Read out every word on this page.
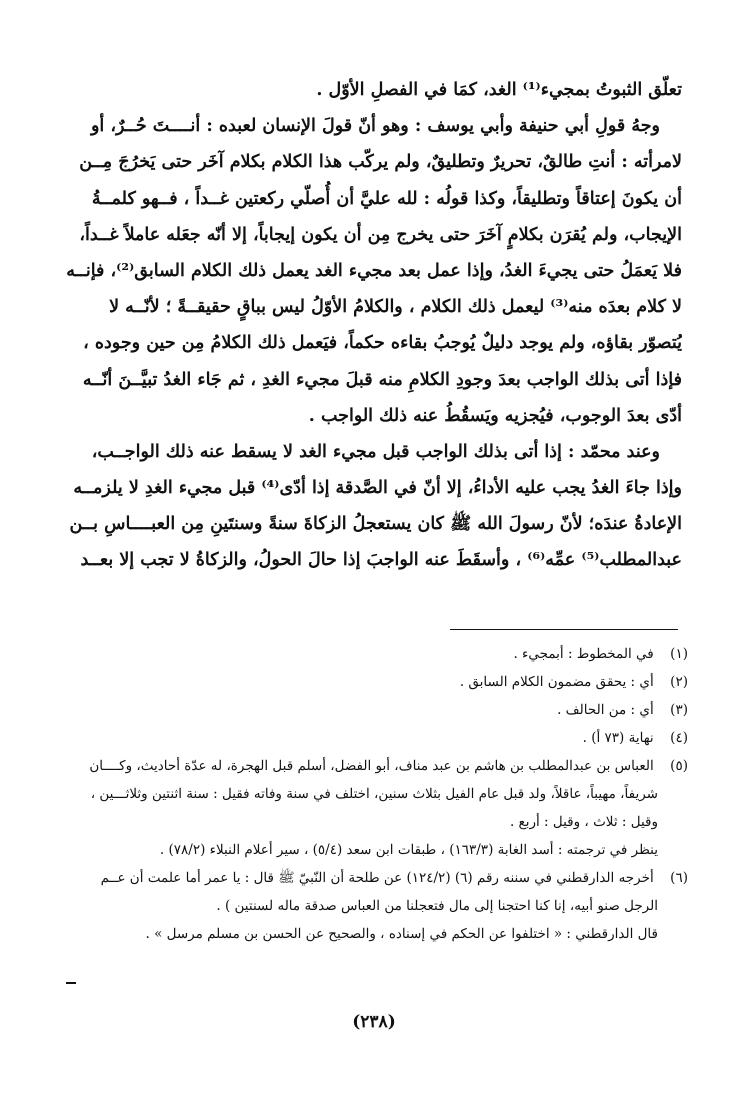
تعلّق الثبوتُ بمجيء⁽¹⁾ الغد، كمَا في الفصلِ الأوّل .
وجهُ قولِ أبي حنيفة وأبي يوسف : وهو أنّ قولَ الإنسان لعبده : أنــــتَ حُــرٌ، أو
لامرأته : أنتِ طالقٌ، تحريرٌ وتطليقٌ، ولم يركّب هذا الكلام بكلام آخَر حتى يَخرُجَ مِــن
أن يكونَ إعتاقاً وتطليقاً، وكذا قولُه : لله عليَّ أن أُصلّي ركعتين غــداً ، فــهو كلمــةُ
الإيجاب، ولم يُقرَن بكلامٍ آخَرَ حتى يخرج مِن أن يكون إيجاباً، إلا أنّه جعَله عاملاً غــداً،
فلا يَعمَلُ حتى يجيءَ الغدُ، وإذا عمل بعد مجيء الغد يعمل ذلك الكلام السابق⁽²⁾، فإنــه
لا كلام بعدَه منه⁽³⁾ ليعمل ذلك الكلام ، والكلامُ الأوّلُ ليس بباقٍ حقيقــةً ؛ لأنّــه لا
يُتصوّر بقاؤه، ولم يوجد دليلٌ يُوجبُ بقاءه حكماً، فيَعمل ذلك الكلامُ مِن حين وجوده ،
فإذا أتى بذلك الواجب بعدَ وجودِ الكلامِ منه قبلَ مجيء الغدِ ، ثم جَاء الغدُ تبيَّــنَ أنّــه
أدّى بعدَ الوجوب، فيُجزيه ويَسقُطُ عنه ذلك الواجب .
وعند محمّد : إذا أتى بذلك الواجب قبل مجيء الغد لا يسقط عنه ذلك الواجــب،
وإذا جاءَ الغدُ يجب عليه الأداءُ، إلا أنّ في الصَّدقة إذا أدّى⁽⁴⁾ قبل مجيء الغدِ لا يلزمــه
الإعادةُ عندَه؛ لأنّ رسولَ الله ﷺ كان يستعجلُ الزكاةَ سنةً وسنتَينِ مِن العبــــاسِ بــن
عبدالمطلب⁽⁵⁾ عمِّه⁽⁶⁾ ، وأسقَطَ عنه الواجبَ إذا حالَ الحولُ، والزكاةُ لا تجب إلا بعــد
(١) في المخطوط : أبمجيء .
(٢) أي : يحقق مضمون الكلام السابق .
(٣) أي : من الحالف .
(٤) نهاية (٧٣ أ) .
(٥) العباس بن عبدالمطلب بن هاشم بن عبد مناف، أبو الفضل، أسلم قبل الهجرة، له عدّة أحاديث، وكــــان
شريفاً، مهيباً، عاقلاً، ولد قبل عام الفيل بثلاث سنين، اختلف في سنة وفاته فقيل : سنة اثنتين وثلاثـــين ،
وقيل : ثلاث ، وقيل : أربع .
ينظر في ترجمته : أسد الغابة (١٦٣/٣) ، طبقات ابن سعد (٥/٤) ، سير أعلام النبلاء (٧٨/٢) .
(٦) أخرجه الدارقطني في سننه رقم (٦) (١٢٤/٢) عن طلحة أن النّبيّ ﷺ قال : يا عمر أما علمت أن عــم
الرجل صنو أبيه، إنا كنا احتجنا إلى مال فتعجلنا من العباس صدقة ماله لسنتين ) .
قال الدارقطني : « اختلفوا عن الحكم في إسناده ، والصحيح عن الحسن بن مسلم مرسل » .
(٢٣٨)
